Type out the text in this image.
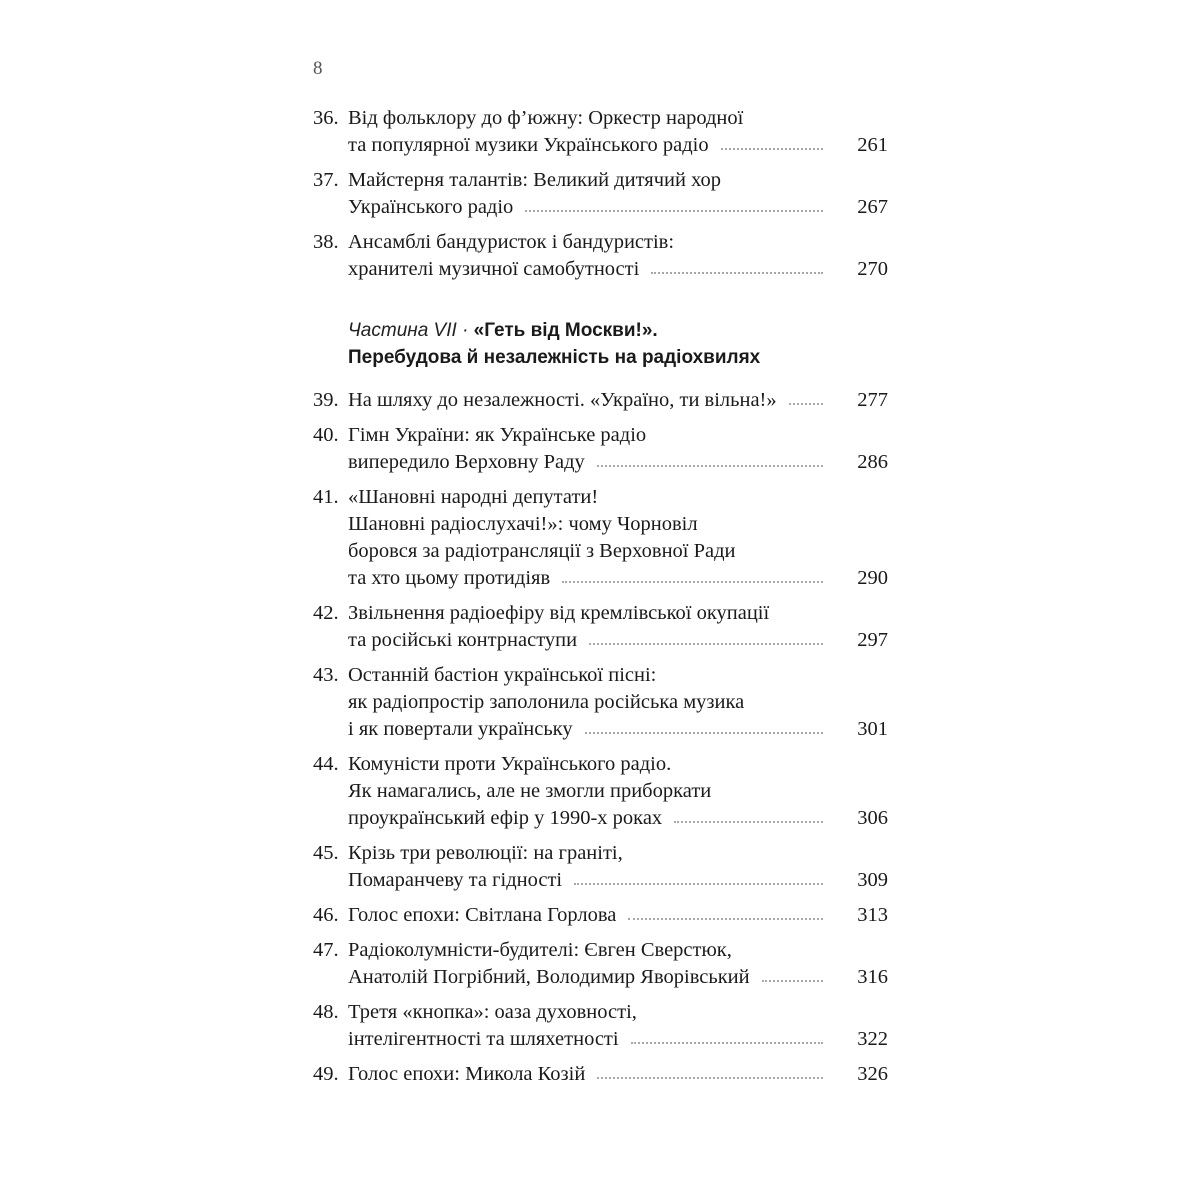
8
36. Від фольклору до ф’южну: Оркестр народної
та популярної музики Українського радіо	261
37. Майстерня талантів: Великий дитячий хор
Українського радіо	267
38. Ансамблі бандуристок і бандуристів:
хранителі музичної самобутності	270
Частина VII · «Геть від Москви!».
Перебудова й незалежність на радіохвилях
39. На шляху до незалежності. «Україно, ти вільна!»	277
40. Гімн України: як Українське радіо
випередило Верховну Раду	286
41. «Шановні народні депутати!
Шановні радіослухачі!»: чому Чорновіл
боровся за радіотрансляції з Верховної Ради
та хто цьому протидіяв	290
42. Звільнення радіоефіру від кремлівської окупації
та російські контрнаступи	297
43. Останній бастіон української пісні:
як радіопростір заполонила російська музика
і як повертали українську	301
44. Комуністи проти Українського радіо.
Як намагались, але не змогли приборкати
проукраїнський ефір у 1990-х роках	306
45. Крізь три революції: на граніті,
Помаранчеву та гідності	309
46. Голос епохи: Світлана Горлова	313
47. Радіоколумністи-будителі: Євген Сверстюк,
Анатолій Погрібний, Володимир Яворівський	316
48. Третя «кнопка»: оаза духовності,
інтелігентності та шляхетності	322
49. Голос епохи: Микола Козій	326
